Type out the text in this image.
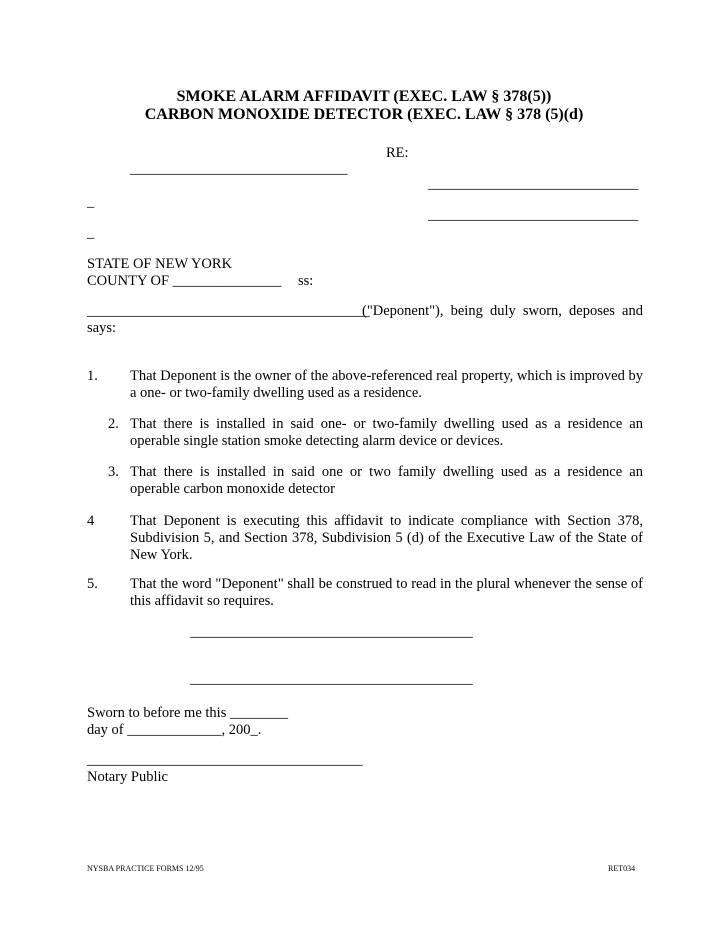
SMOKE ALARM AFFIDAVIT (EXEC. LAW § 378(5))
CARBON MONOXIDE DETECTOR (EXEC. LAW § 378 (5)(d)
RE:
______________________________
_____________________________
_
_____________________________
_
STATE OF NEW YORK
COUNTY OF _______________ ss:
_______________________________________
("Deponent"), being duly sworn, deposes and
says:
1. That Deponent is the owner of the above-referenced real property, which is improved by a one- or two-family dwelling used as a residence.
2. That there is installed in said one- or two-family dwelling used as a residence an operable single station smoke detecting alarm device or devices.
3. That there is installed in said one or two family dwelling used as a residence an operable carbon monoxide detector
4 That Deponent is executing this affidavit to indicate compliance with Section 378, Subdivision 5, and Section 378, Subdivision 5 (d) of the Executive Law of the State of New York.
5. That the word "Deponent" shall be construed to read in the plural whenever the sense of this affidavit so requires.
_______________________________________
_______________________________________
Sworn to before me this ________
day of _____________, 200_.
______________________________________
Notary Public
NYSBA PRACTICE FORMS 12/95	RET034
